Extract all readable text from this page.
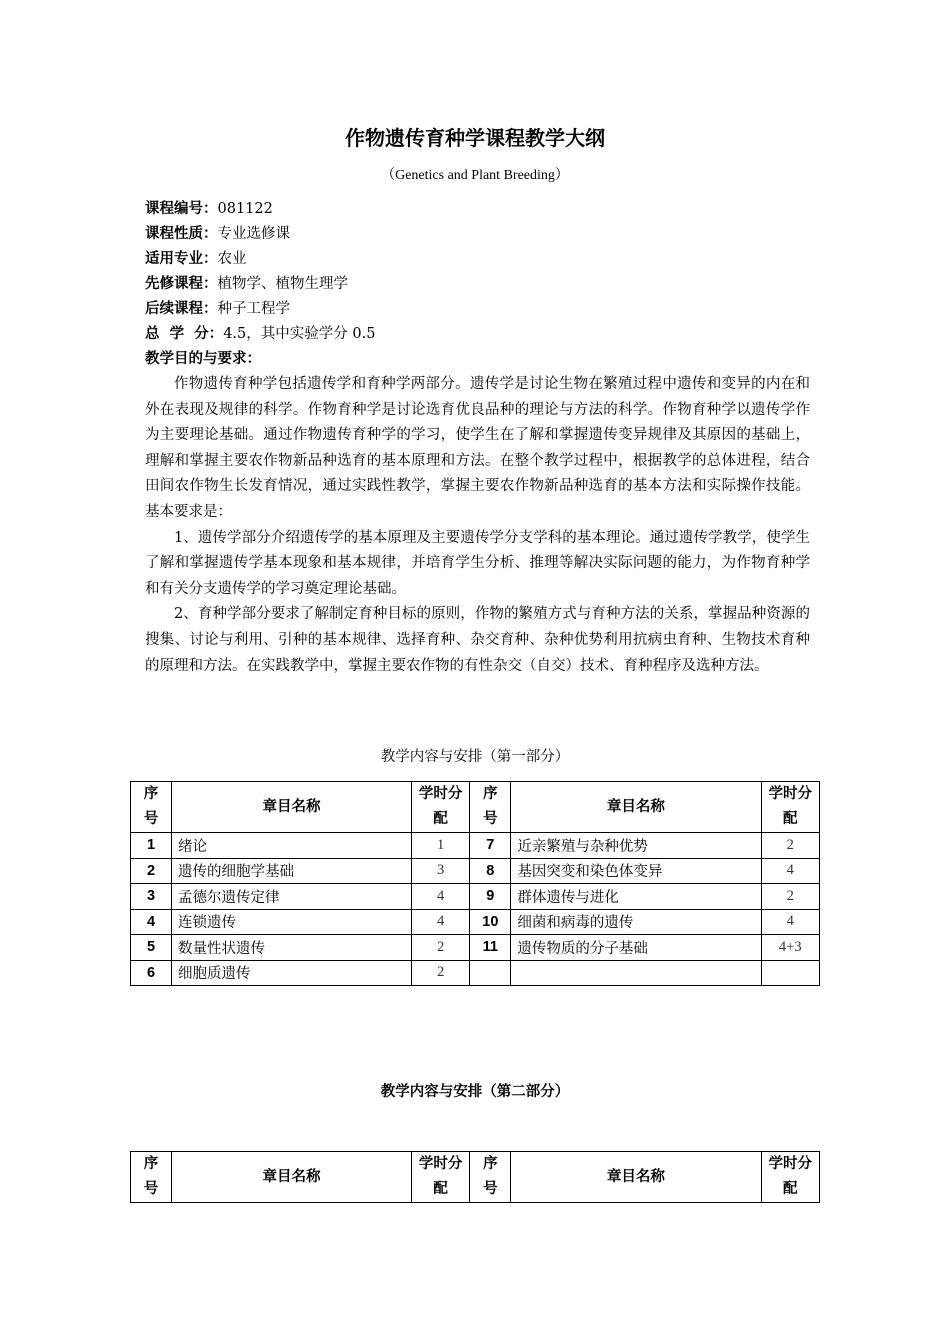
作物遗传育种学课程教学大纲
（Genetics and Plant Breeding）
课程编号：081122
课程性质：专业选修课
适用专业：农业
先修课程：植物学、植物生理学
后续课程：种子工程学
总  学  分：4.5，其中实验学分 0.5
教学目的与要求：

作物遗传育种学包括遗传学和育种学两部分。遗传学是讨论生物在繁殖过程中遗传和变异的内在和外在表现及规律的科学。作物育种学是讨论选育优良品种的理论与方法的科学。作物育种学以遗传学作为主要理论基础。通过作物遗传育种学的学习，使学生在了解和掌握遗传变异规律及其原因的基础上，理解和掌握主要农作物新品种选育的基本原理和方法。在整个教学过程中，根据教学的总体进程，结合田间农作物生长发育情况，通过实践性教学，掌握主要农作物新品种选育的基本方法和实际操作技能。基本要求是：

1、遗传学部分介绍遗传学的基本原理及主要遗传学分支学科的基本理论。通过遗传学教学，使学生了解和掌握遗传学基本现象和基本规律，并培育学生分析、推理等解决实际问题的能力，为作物育种学和有关分支遗传学的学习奠定理论基础。

2、育种学部分要求了解制定育种目标的原则，作物的繁殖方式与育种方法的关系，掌握品种资源的搜集、讨论与利用、引种的基本规律、选择育种、杂交育种、杂种优势利用抗病虫育种、生物技术育种的原理和方法。在实践教学中，掌握主要农作物的有性杂交（自交）技术、育种程序及选种方法。

教学内容与安排（第一部分）
序号	章目名称	学时分配	序号	章目名称	学时分配
1	绪论	1	7	近亲繁殖与杂种优势	2
2	遗传的细胞学基础	3	8	基因突变和染色体变异	4
3	孟德尔遗传定律	4	9	群体遗传与进化	2
4	连锁遗传	4	10	细菌和病毒的遗传	4
5	数量性状遗传	2	11	遗传物质的分子基础	4+3
6	细胞质遗传	2			
教学内容与安排（第二部分）
序号	章目名称	学时分配	序号	章目名称	学时分配
